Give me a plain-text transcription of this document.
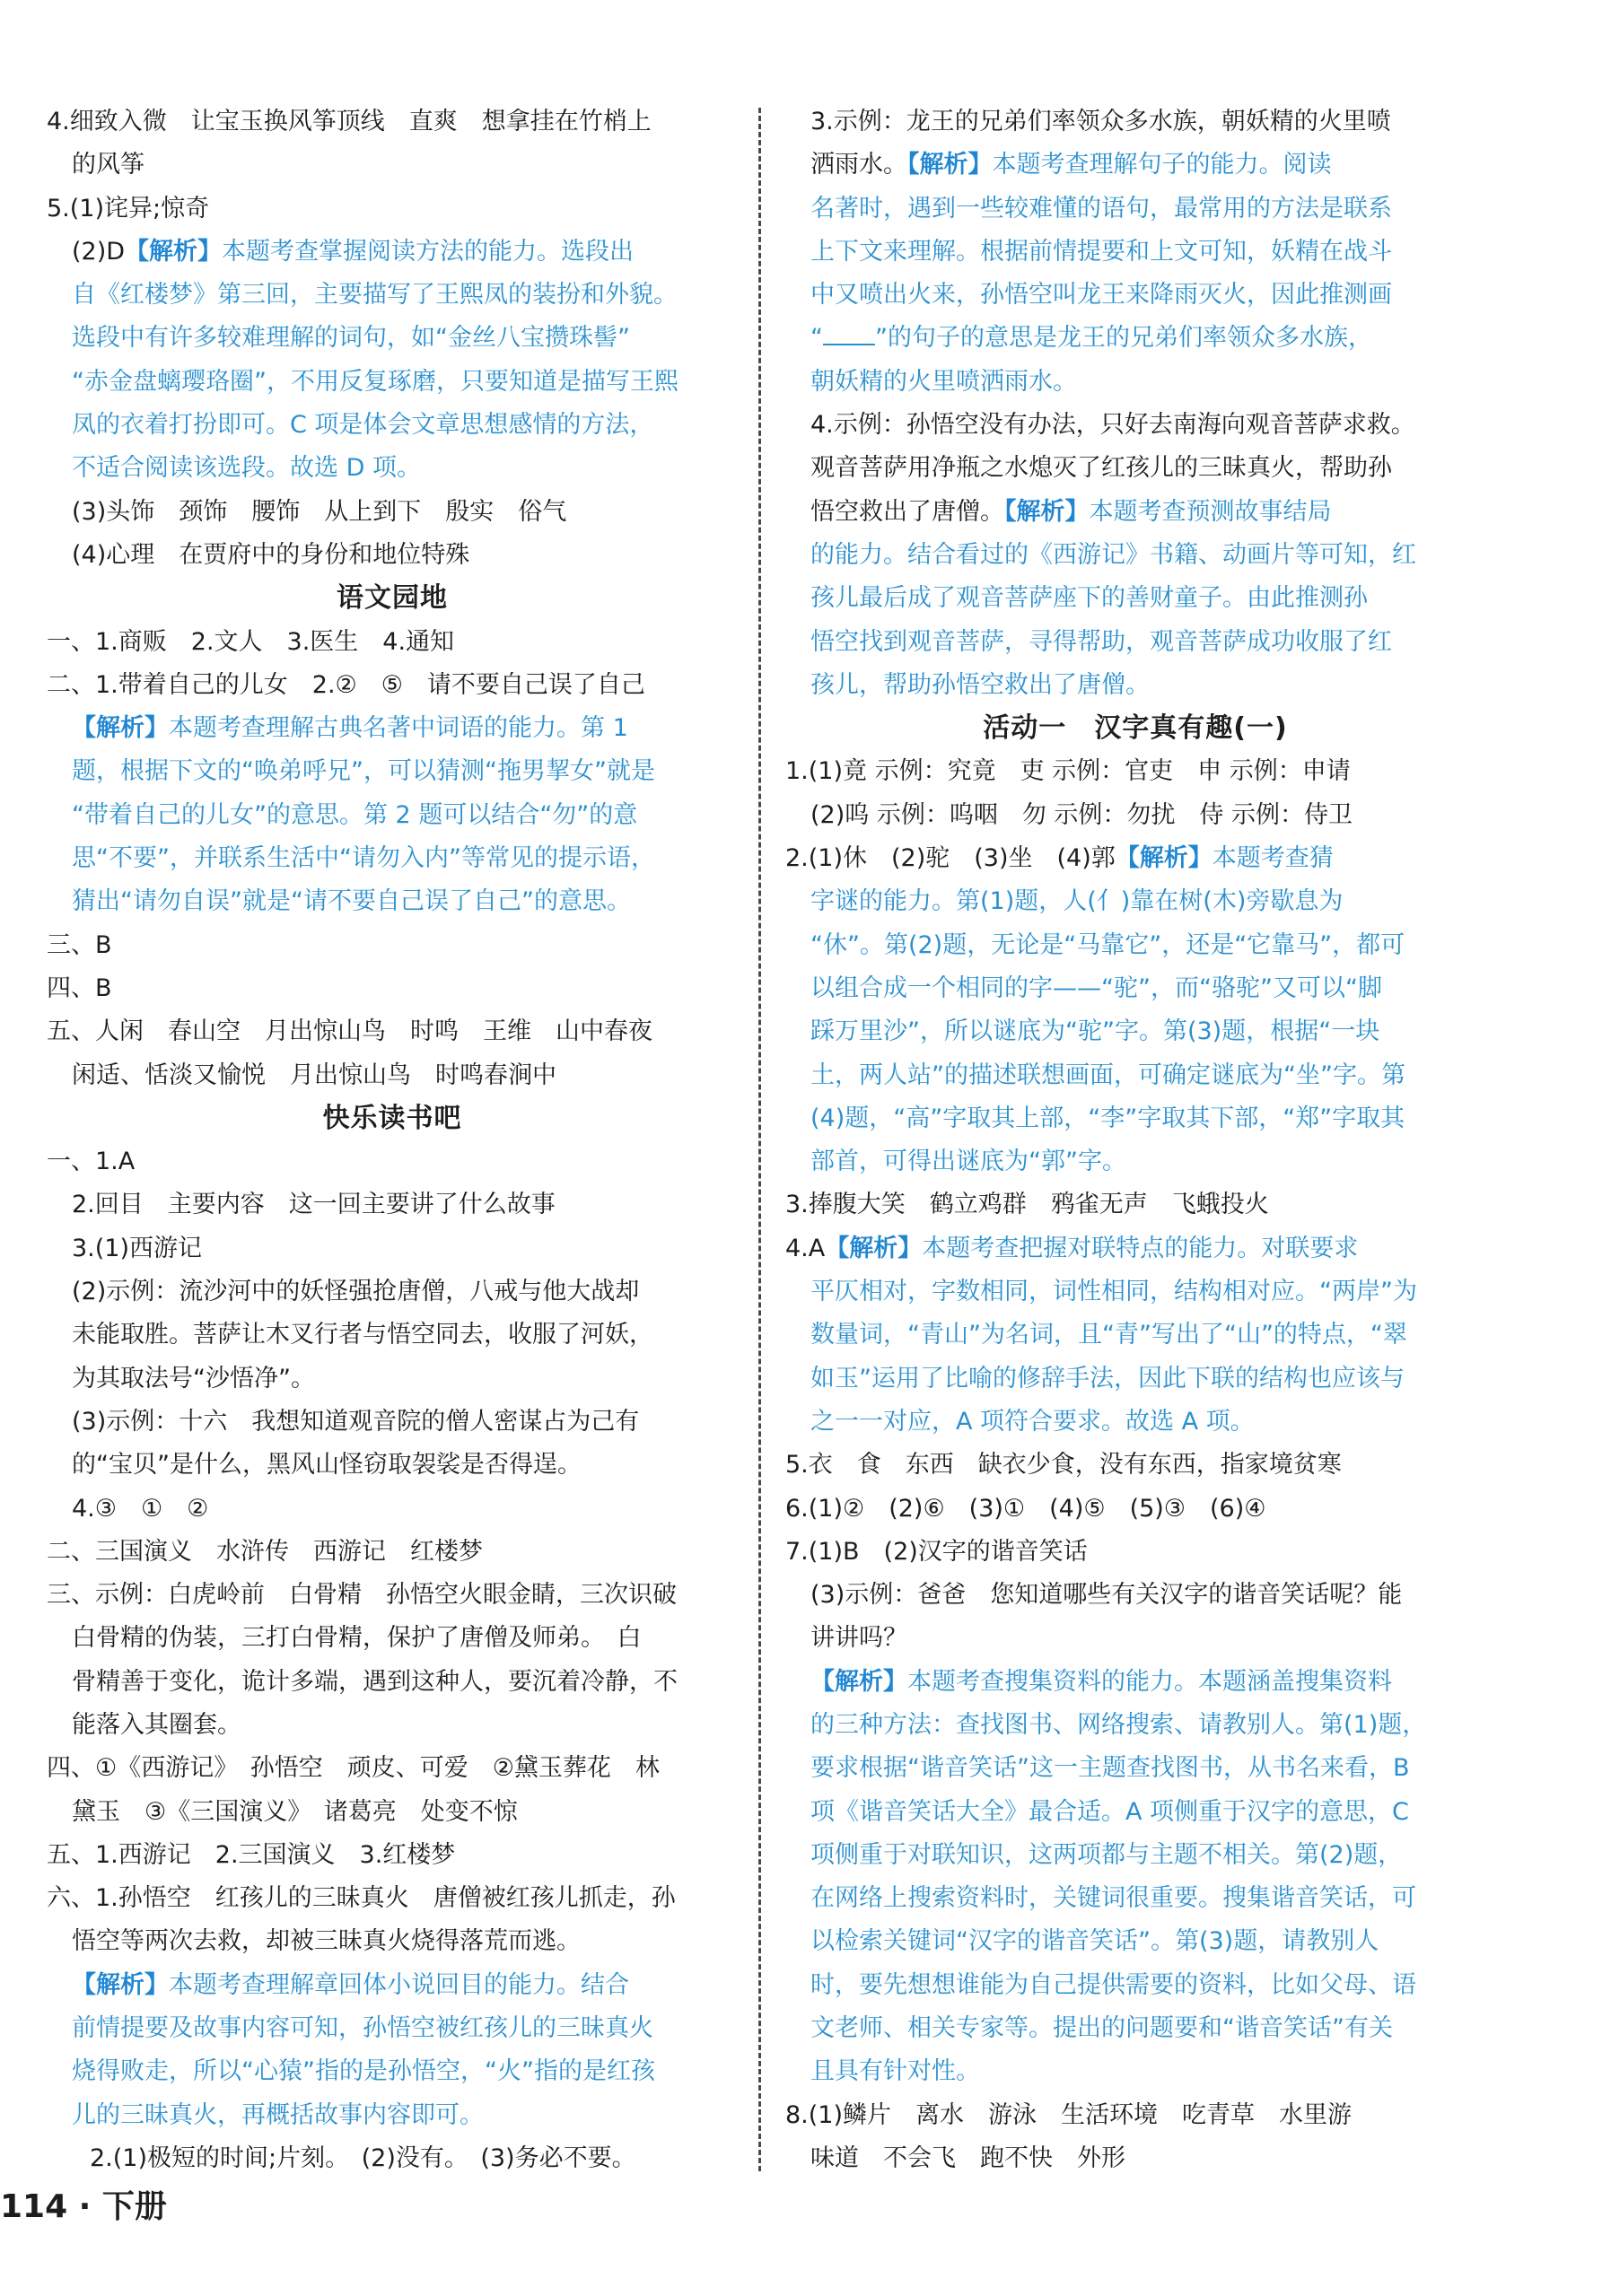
4.细致入微　让宝玉换风筝顶线　直爽　想拿挂在竹梢上
的风筝
5.(1)诧异;惊奇
(2)D【解析】本题考查掌握阅读方法的能力。选段出
自《红楼梦》第三回，主要描写了王熙凤的装扮和外貌。
选段中有许多较难理解的词句，如“金丝八宝攒珠髻”
“赤金盘螭璎珞圈”，不用反复琢磨，只要知道是描写王熙
凤的衣着打扮即可。C 项是体会文章思想感情的方法，
不适合阅读该选段。故选 D 项。
(3)头饰　颈饰　腰饰　从上到下　殷实　俗气
(4)心理　在贾府中的身份和地位特殊
语文园地
一、1.商贩　2.文人　3.医生　4.通知
二、1.带着自己的儿女　2.②　⑤　请不要自己误了自己
【解析】本题考查理解古典名著中词语的能力。第 1
题，根据下文的“唤弟呼兄”，可以猜测“拖男挈女”就是
“带着自己的儿女”的意思。第 2 题可以结合“勿”的意
思“不要”，并联系生活中“请勿入内”等常见的提示语，
猜出“请勿自误”就是“请不要自己误了自己”的意思。
三、B
四、B
五、人闲　春山空　月出惊山鸟　时鸣　王维　山中春夜
闲适、恬淡又愉悦　月出惊山鸟　时鸣春涧中
快乐读书吧
一、1.A
2.回目　主要内容　这一回主要讲了什么故事
3.(1)西游记
(2)示例：流沙河中的妖怪强抢唐僧，八戒与他大战却
未能取胜。菩萨让木叉行者与悟空同去，收服了河妖，
为其取法号“沙悟净”。
(3)示例：十六　我想知道观音院的僧人密谋占为己有
的“宝贝”是什么，黑风山怪窃取袈裟是否得逞。
4.③　①　②
二、三国演义　水浒传　西游记　红楼梦
三、示例：白虎岭前　白骨精　孙悟空火眼金睛，三次识破
白骨精的伪装，三打白骨精，保护了唐僧及师弟。　白
骨精善于变化，诡计多端，遇到这种人，要沉着冷静，不
能落入其圈套。
四、①《西游记》　孙悟空　顽皮、可爱　②黛玉葬花　林
黛玉　③《三国演义》　诸葛亮　处变不惊
五、1.西游记　2.三国演义　3.红楼梦
六、1.孙悟空　红孩儿的三昧真火　唐僧被红孩儿抓走，孙
悟空等两次去救，却被三昧真火烧得落荒而逃。
【解析】本题考查理解章回体小说回目的能力。结合
前情提要及故事内容可知，孙悟空被红孩儿的三昧真火
烧得败走，所以“心猿”指的是孙悟空，“火”指的是红孩
儿的三昧真火，再概括故事内容即可。
2.(1)极短的时间;片刻。　(2)没有。　(3)务必不要。
3.示例：龙王的兄弟们率领众多水族，朝妖精的火里喷
洒雨水。【解析】本题考查理解句子的能力。阅读
名著时，遇到一些较难懂的语句，最常用的方法是联系
上下文来理解。根据前情提要和上文可知，妖精在战斗
中又喷出火来，孙悟空叫龙王来降雨灭火，因此推测画
“ ”的句子的意思是龙王的兄弟们率领众多水族，
朝妖精的火里喷洒雨水。
4.示例：孙悟空没有办法，只好去南海向观音菩萨求救。
观音菩萨用净瓶之水熄灭了红孩儿的三昧真火，帮助孙
悟空救出了唐僧。【解析】本题考查预测故事结局
的能力。结合看过的《西游记》书籍、动画片等可知，红
孩儿最后成了观音菩萨座下的善财童子。由此推测孙
悟空找到观音菩萨，寻得帮助，观音菩萨成功收服了红
孩儿，帮助孙悟空救出了唐僧。
活动一　汉字真有趣(一)
1.(1)竟 示例：究竟　吏 示例：官吏　申 示例：申请
(2)呜 示例：呜咽　勿 示例：勿扰　侍 示例：侍卫
2.(1)休　(2)驼　(3)坐　(4)郭【解析】本题考查猜
字谜的能力。第(1)题，人(亻)靠在树(木)旁歇息为
“休”。第(2)题，无论是“马靠它”，还是“它靠马”，都可
以组合成一个相同的字——“驼”，而“骆驼”又可以“脚
踩万里沙”，所以谜底为“驼”字。第(3)题，根据“一块
土，两人站”的描述联想画面，可确定谜底为“坐”字。第
(4)题，“高”字取其上部，“李”字取其下部，“郑”字取其
部首，可得出谜底为“郭”字。
3.捧腹大笑　鹤立鸡群　鸦雀无声　飞蛾投火
4.A【解析】本题考查把握对联特点的能力。对联要求
平仄相对，字数相同，词性相同，结构相对应。“两岸”为
数量词，“青山”为名词，且“青”写出了“山”的特点，“翠
如玉”运用了比喻的修辞手法，因此下联的结构也应该与
之一一对应，A 项符合要求。故选 A 项。
5.衣　食　东西　缺衣少食，没有东西，指家境贫寒
6.(1)②　(2)⑥　(3)①　(4)⑤　(5)③　(6)④
7.(1)B　(2)汉字的谐音笑话
(3)示例：爸爸　您知道哪些有关汉字的谐音笑话呢？能
讲讲吗？
【解析】本题考查搜集资料的能力。本题涵盖搜集资料
的三种方法：查找图书、网络搜索、请教别人。第(1)题，
要求根据“谐音笑话”这一主题查找图书，从书名来看，B
项《谐音笑话大全》最合适。A 项侧重于汉字的意思，C
项侧重于对联知识，这两项都与主题不相关。第(2)题，
在网络上搜索资料时，关键词很重要。搜集谐音笑话，可
以检索关键词“汉字的谐音笑话”。第(3)题，请教别人
时，要先想想谁能为自己提供需要的资料，比如父母、语
文老师、相关专家等。提出的问题要和“谐音笑话”有关
且具有针对性。
8.(1)鳞片　离水　游泳　生活环境　吃青草　水里游
味道　不会飞　跑不快　外形
114 · 下册
